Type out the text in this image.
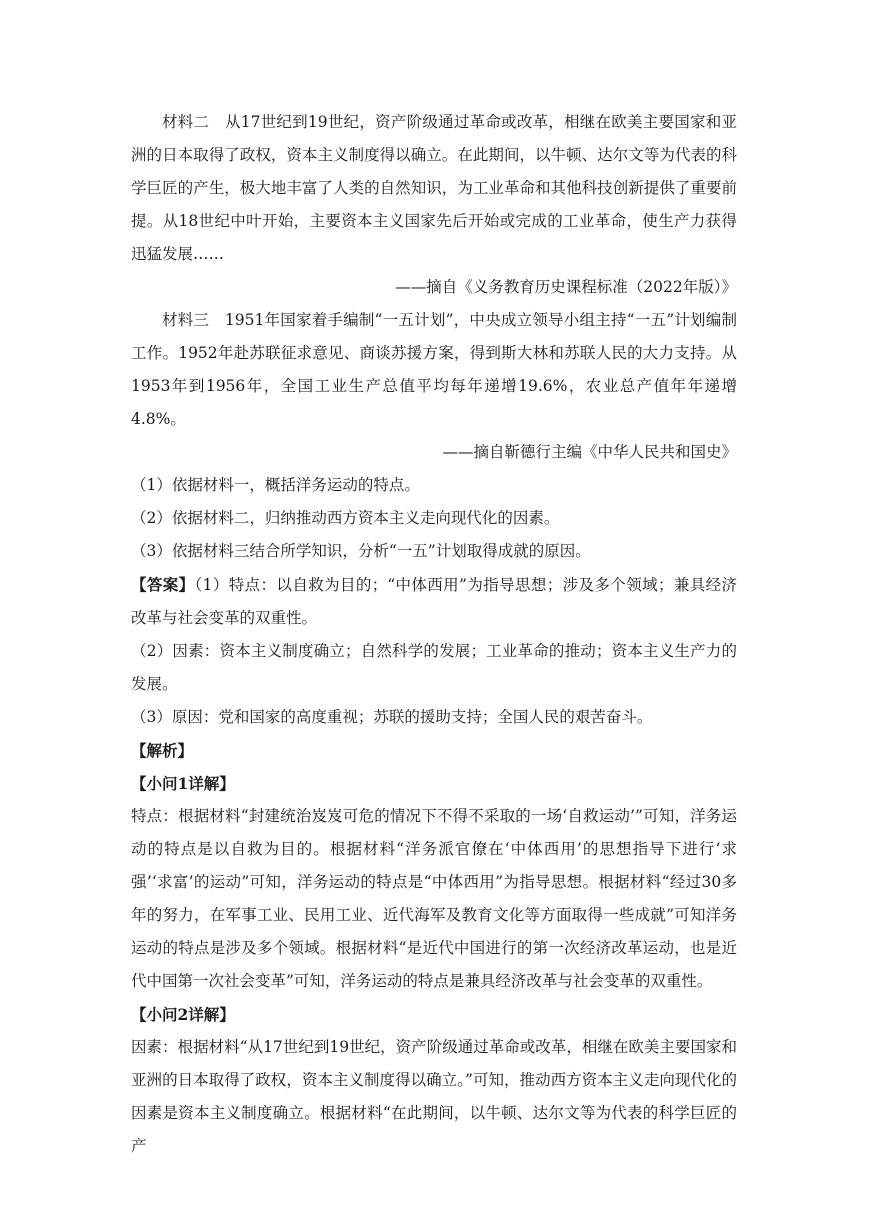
材料二　从17世纪到19世纪，资产阶级通过革命或改革，相继在欧美主要国家和亚洲的日本取得了政权，资本主义制度得以确立。在此期间，以牛顿、达尔文等为代表的科学巨匠的产生，极大地丰富了人类的自然知识，为工业革命和其他科技创新提供了重要前提。从18世纪中叶开始，主要资本主义国家先后开始或完成的工业革命，使生产力获得迅猛发展……

——摘自《义务教育历史课程标准（2022年版）》

材料三　1951年国家着手编制“一五计划”，中央成立领导小组主持“一五”计划编制工作。1952年赴苏联征求意见、商谈苏援方案，得到斯大林和苏联人民的大力支持。从1953年到1956年，全国工业生产总值平均每年递增19.6%，农业总产值年年递增4.8%。

——摘自靳德行主编《中华人民共和国史》

（1）依据材料一，概括洋务运动的特点。

（2）依据材料二，归纳推动西方资本主义走向现代化的因素。

（3）依据材料三结合所学知识，分析“一五”计划取得成就的原因。

【答案】（1）特点：以自救为目的；“中体西用”为指导思想；涉及多个领域；兼具经济改革与社会变革的双重性。

（2）因素：资本主义制度确立；自然科学的发展；工业革命的推动；资本主义生产力的发展。

（3）原因：党和国家的高度重视；苏联的援助支持；全国人民的艰苦奋斗。

【解析】

【小问1详解】

特点：根据材料“封建统治岌岌可危的情况下不得不采取的一场‘自救运动’”可知，洋务运动的特点是以自救为目的。根据材料“洋务派官僚在‘中体西用’的思想指导下进行‘求强’‘求富’的运动”可知，洋务运动的特点是“中体西用”为指导思想。根据材料“经过30多年的努力，在军事工业、民用工业、近代海军及教育文化等方面取得一些成就”可知洋务运动的特点是涉及多个领域。根据材料“是近代中国进行的第一次经济改革运动，也是近代中国第一次社会变革”可知，洋务运动的特点是兼具经济改革与社会变革的双重性。

【小问2详解】

因素：根据材料“从17世纪到19世纪，资产阶级通过革命或改革，相继在欧美主要国家和亚洲的日本取得了政权，资本主义制度得以确立。”可知，推动西方资本主义走向现代化的因素是资本主义制度确立。根据材料“在此期间，以牛顿、达尔文等为代表的科学巨匠的产
